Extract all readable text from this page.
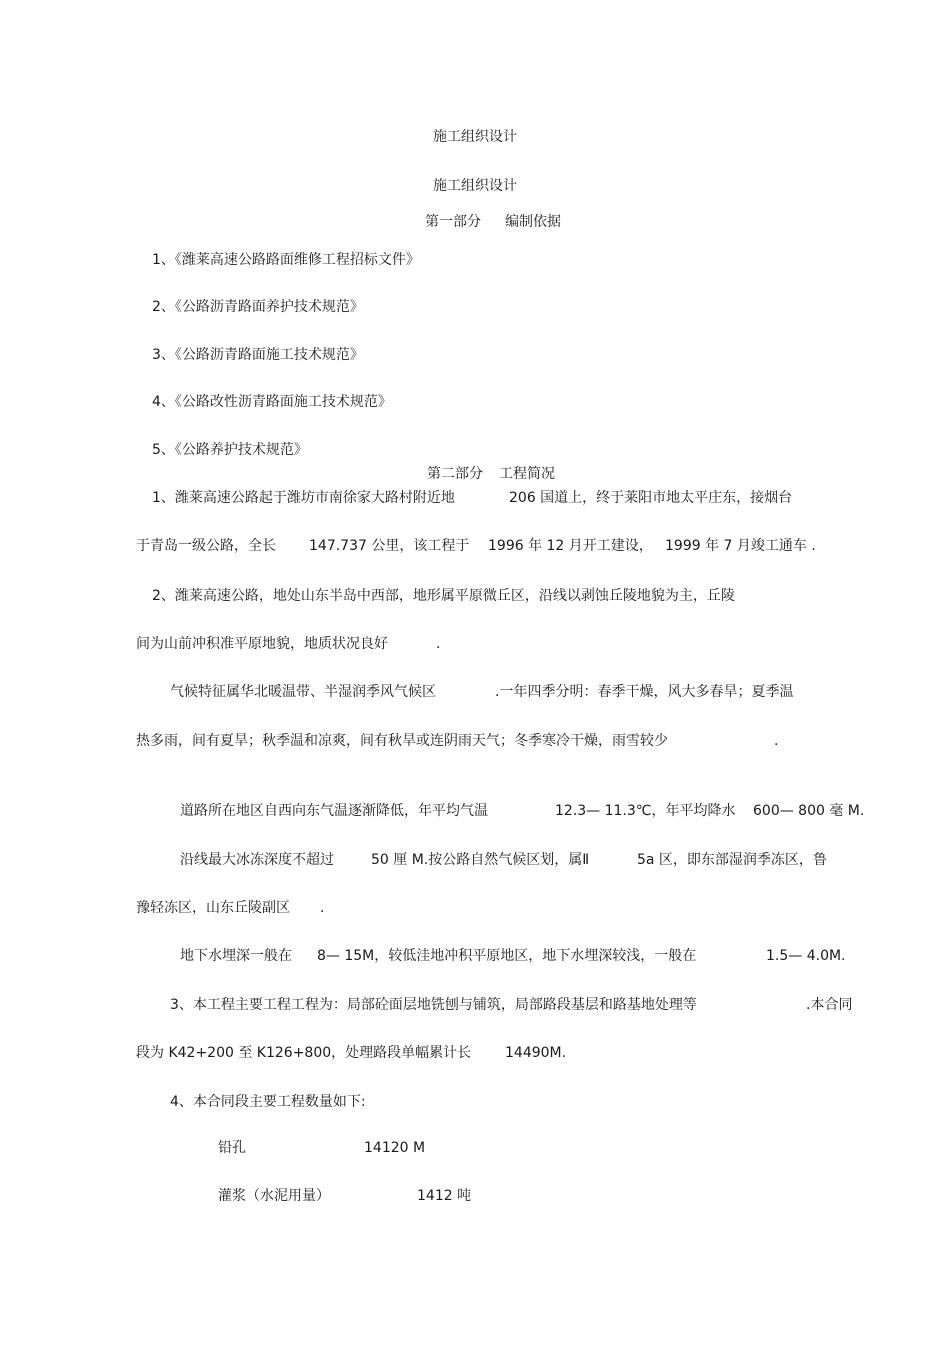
施工组织设计
施工组织设计
第一部分 编制依据
1、《潍莱高速公路路面维修工程招标文件》
2、《公路沥青路面养护技术规范》
3、《公路沥青路面施工技术规范》
4、《公路改性沥青路面施工技术规范》
5、《公路养护技术规范》
第二部分 工程简况
1、潍莱高速公路起于潍坊市南徐家大路村附近地	206 国道上，终于莱阳市地太平庄东，接烟台
于青岛一级公路，全长 147.737 公里，该工程于 1996 年 12 月开工建设， 1999 年 7 月竣工通车 .
2、潍莱高速公路，地处山东半岛中西部，地形属平原微丘区，沿线以剥蚀丘陵地貌为主，丘陵
间为山前冲积准平原地貌，地质状况良好	.
气候特征属华北暖温带、半湿润季风气候区	.一年四季分明：春季干燥，风大多春旱；夏季温
热多雨，间有夏旱；秋季温和凉爽，间有秋旱或连阴雨天气；冬季寒冷干燥，雨雪较少	.
道路所在地区自西向东气温逐渐降低，年平均气温	12.3— 11.3℃，年平均降水 600— 800 毫 M.
沿线最大冰冻深度不超过	50 厘 M.按公路自然气候区划，属Ⅱ	5a 区，即东部湿润季冻区，鲁
豫轻冻区，山东丘陵副区 .
地下水埋深一般在 8— 15M，较低洼地冲积平原地区，地下水埋深较浅，一般在	1.5— 4.0M.
3、本工程主要工程工程为：局部砼面层地铣刨与铺筑，局部路段基层和路基地处理等	.本合同
段为 K42+200 至 K126+800，处理路段单幅累计长 14490M.
4、本合同段主要工程数量如下:
铅孔	14120 M
灌浆（水泥用量）	1412 吨
